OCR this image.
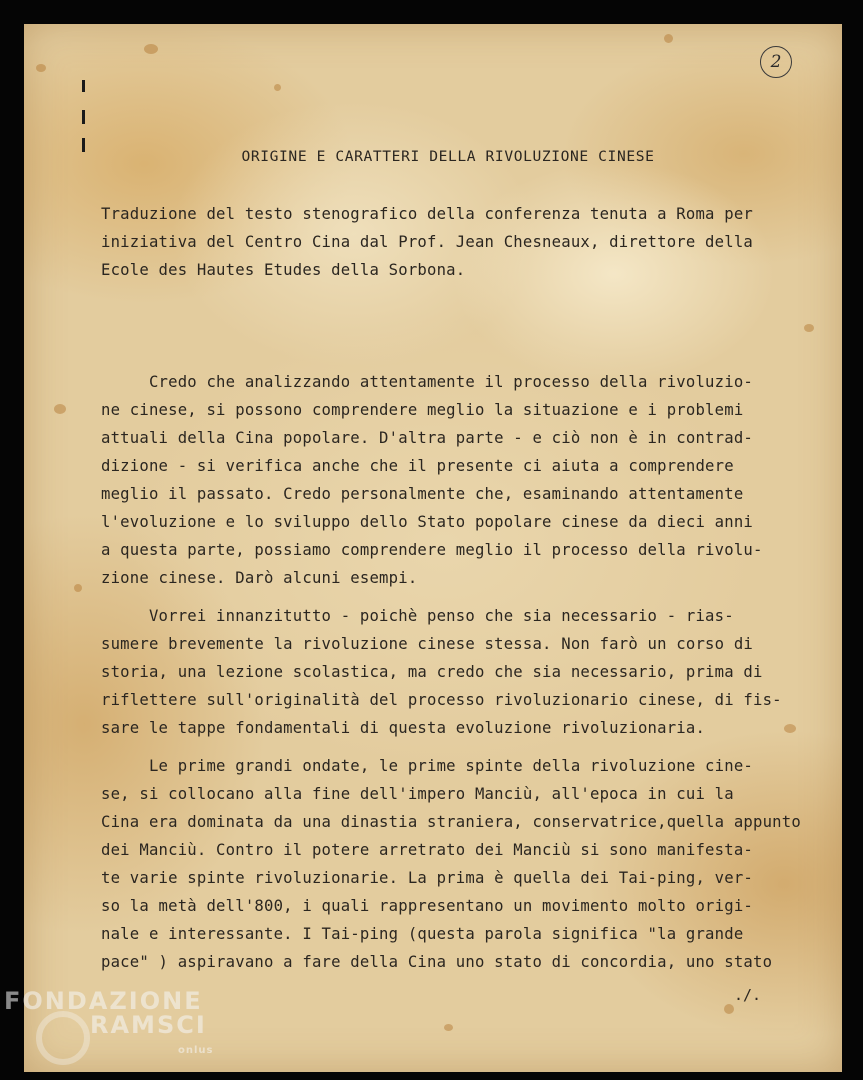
2
ORIGINE E CARATTERI DELLA RIVOLUZIONE CINESE
Traduzione del testo stenografico della conferenza tenuta a Roma per
iniziativa del Centro Cina dal Prof. Jean Chesneaux, direttore della
Ecole des Hautes Etudes della Sorbona.
Credo che analizzando attentamente il processo della rivoluzio-
ne cinese, si possono comprendere meglio la situazione e i problemi
attuali della Cina popolare. D'altra parte - e ciò non è in contrad-
dizione - si verifica anche che il presente ci aiuta a comprendere
meglio il passato. Credo personalmente che, esaminando attentamente
l'evoluzione e lo sviluppo dello Stato popolare cinese da dieci anni
a questa parte, possiamo comprendere meglio il processo della rivolu-
zione cinese. Darò alcuni esempi.
Vorrei innanzitutto - poichè penso che sia necessario - rias-
sumere brevemente la rivoluzione cinese stessa. Non farò un corso di
storia, una lezione scolastica, ma credo che sia necessario, prima di
riflettere sull'originalità del processo rivoluzionario cinese, di fis-
sare le tappe fondamentali di questa evoluzione rivoluzionaria.
Le prime grandi ondate, le prime spinte della rivoluzione cine-
se, si collocano alla fine dell'impero Manciù, all'epoca in cui la
Cina era dominata da una dinastia straniera, conservatrice,quella appunto
dei Manciù. Contro il potere arretrato dei Manciù si sono manifesta-
te varie spinte rivoluzionarie. La prima è quella dei Tai-ping, ver-
so la metà dell'800, i quali rappresentano un movimento molto origi-
nale e interessante. I Tai-ping (questa parola significa "la grande
pace" ) aspiravano a fare della Cina uno stato di concordia, uno stato
./.
FONDAZIONE
RAMSCI
onlus
